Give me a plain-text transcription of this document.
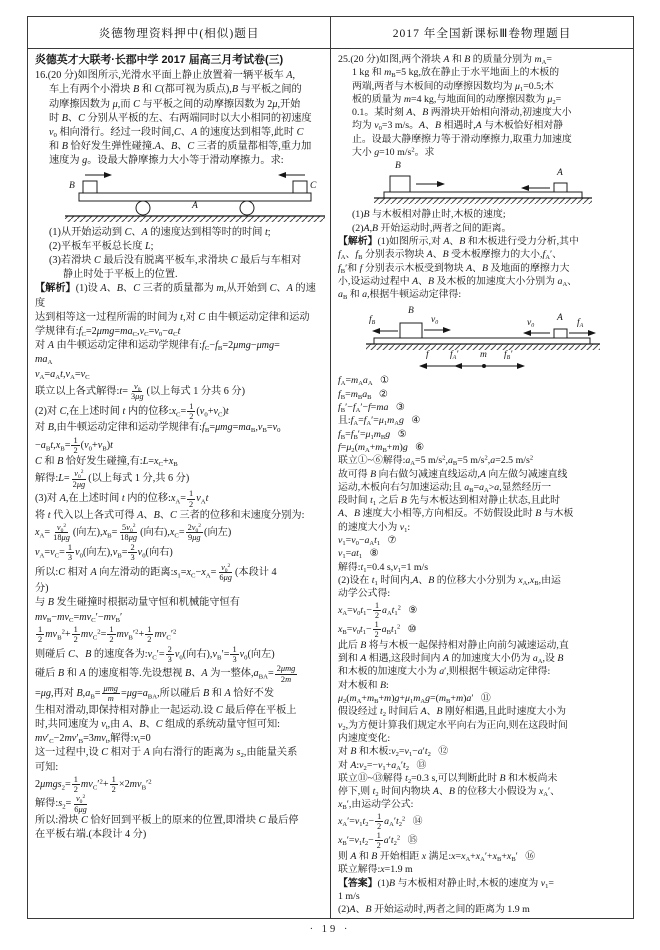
炎德物理资料押中(相似)题目	2017 年全国新课标Ⅲ卷物理题目
炎德英才大联考·长郡中学 2017 届高三月考试卷(三)
16.(20 分)如图所示,光滑水平面上静止放置着一辆平板车 A,
车上有两个小滑块 B 和 C(都可视为质点),B 与平板之间的
动摩擦因数为 μ,而 C 与平板之间的动摩擦因数为 2μ,开始
时 B、C 分别从平板的左、右两端同时以大小相同的初速度
$v_0$ 相向滑行。经过一段时间,C、A 的速度达到相等,此时 C
和 B 恰好发生弹性碰撞.A、B、C 三者的质量都相等,重力加
速度为 g。设最大静摩擦力大小等于滑动摩擦力。求:
B	C
A
(1)从开始运动到 C、A 的速度达到相等时的时间 t;
(2)平板车平板总长度 L;
(3)若滑块 C 最后没有脱离平板车,求滑块 C 最后与车相对
静止时处于平板上的位置.
【解析】(1)设 A、B、C 三者的质量都为 m,从开始到 C、A 的速度
达到相等这一过程所需的时间为 t,对 C 由牛顿运动定律和运动
学规律有$:f_C=2\mu mg=ma_C,v_C=v_0-a_Ct$
对 A 由牛顿运动定律和运动学规律有$:f_C-f_B=2\mu mg-\mu mg=$
$ma_A$
$v_A=a_At,v_A=v_C$
联立以上各式解得:t= $\frac{v_0}{3\mu g}$ (以上每式 1 分共 6 分)
(2)对 C,在上述时间 t 内的位移$:x_C= \frac{1}{2} (v_0+v_C)t$
对 B,由牛顿运动定律和运动学规律有$:f_B=\mu mg=ma_B,v_B=v_0$
$-a_Bt,x_B= \frac{1}{2} (v_0+v_B)t$
C 和 B 恰好发生碰撞,有$:L=x_C+x_B$
解得:L= $\frac{v_0^2}{2\mu g}$ (以上每式 1 分,共 6 分)
(3)对 A,在上述时间 t 内的位移$:x_A= \frac{1}{2} v_At$
将 t 代入以上各式可得 A、B、C 三者的位移和末速度分别为:
$x_A= \frac{v_0^2}{18\mu g}$ (向左)$,x_B= \frac{5v_0^2}{18\mu g}$ (向右)$,x_C= \frac{2v_0^2}{9\mu g}$ (向左)
$v_A=v_C= \frac{1}{3} v_0$(向左)$,v_B= \frac{2}{3} v_0$(向右)
所以:C 相对 A 向左滑动的距离$:s_1=x_C-x_A= \frac{v_0^2}{6\mu g}$ (本段计 4
分)
与 B 发生碰撞时根据动量守恒和机械能守恒有
$mv_B-mv_C=mv_C'-mv_B'$
$\frac{1}{2} mv_B^2+ \frac{1}{2} mv_C^2= \frac{1}{2} mv_B'^2+ \frac{1}{2} mv_C'^2$
则碰后 C、B 的速度各为$:v_C'= \frac{2}{3} v_0$(向右)$,v_B'= \frac{1}{3} v_0$(向左)
碰后 B 和 A 的速度相等.先设想视 B、A 为一整体$,a_{BA}= 2\mu mg$
2m
=μg,再对 $B,a_B= \mu mg$
$m =\mu g=a_{BA}$,所以碰后 B 和 A 恰好不发
生相对滑动,即保持相对静止一起运动.设 C 最后停在平板上
时,共同速度为 $v_t$,由 A、B、C 组成的系统动量守恒可知:
$mv'_C-2mv'_B=3mv_t$,解得$:v_t=0$
这一过程中,设 C 相对于 A 向右滑行的距离为 $s_2$,由能量关系
可知:
$2\mu mgs_2= \frac{1}{2} mv_C'^2+ \frac{1}{2} \times 2mv_B'^2$
解得$:s_2= \frac{v_0^2}{6\mu g}$
所以:滑块 C 恰好回到平板上的原来的位置,即滑块 C 最后停
在平板右端.(本段计 4 分)
25.(20 分)如图,两个滑块 A 和 B 的质量分别为 $m_A=$
1 kg 和 $m_B=5$ kg,放在静止于水平地面上的木板的
两端,两者与木板间的动摩擦因数均为 $\mu_1=0.5$;木
板的质量为 m=4 kg,与地面间的动摩擦因数为 $\mu_2=$
0.1。某时刻 A、B 两滑块开始相向滑动,初速度大小
均为 $v_0=3$ m/s。A、B 相遇时,A 与木板恰好相对静
止。设最大静摩擦力等于滑动摩擦力,取重力加速度
大小 g=10 $m/s^2$。求
B
A
(1)B 与木板相对静止时,木板的速度;
(2)A,B 开始运动时,两者之间的距离。
【解析】(1)如图所示,对 A、B 和木板进行受力分析,其中
$f_A$、$f_B$ 分别表示物块 A、B 受木板摩擦力的大小$,f_A'$、
$f_B'$和 f 分别表示木板受到物块 A、B 及地面的摩擦力大
小,设运动过程中 A、B 及木板的加速度大小分别为 $a_A$、
$a_B$ 和 a,根据牛顿运动定律得:
$f_B$
B
$v_0$	$v_0$
A $f_A$
f $f_A'$ m $f_B'$
$f_A=m_Aa_A$   ①
$f_B=m_Ba_B$   ②
$f_B'-f_A'-f=ma$   ③
且$:f_A=f_A'=\mu_1m_Ag$   ④
$f_B=f_B'=\mu_1m_Bg$   ⑤
$f=\mu_2(m_A+m_B+m)g$   ⑥
联立①~⑥解得$:a_A=5$ $m/s^2,a_B=5$ $m/s^2,a=2.5$ $m/s^2$
故可得 B 向右做匀减速直线运动,A 向左做匀减速直线
运动,木板向右匀加速运动;且 $a_B=a_A>a$,显然经历一
段时间 $t_1$ 之后 B 先与木板达到相对静止状态,且此时
A、B 速度大小相等,方向相反。不妨假设此时 B 与木板
的速度大小为 $v_1$:
$v_1=v_0-a_At_1$   ⑦
$v_1=at_1$   ⑧
解得$:t_1=0.4$ $s,v_1=1$ m/s
(2)设在 $t_1$ 时间内,A、B 的位移大小分别为 $x_A,x_B$,由运
动学公式得:
$x_A=v_0t_1- \frac{1}{2} a_At_1^2$   ⑨
$x_B=v_0t_1- \frac{1}{2} a_Bt_1^2$   ⑩
此后 B 将与木板一起保持相对静止向前匀减速运动,直
到和 A 相遇,这段时间内 A 的加速度大小仍为 $a_A$,设 B
和木板的加速度大小为 a′,则根据牛顿运动定律得:
对木板和 B:
$\mu_2(m_A+m_B+m)g+\mu_1m_Ag=(m_B+m)a'$   ⑪
假设经过 $t_2$ 时间后 A、B 刚好相遇,且此时速度大小为
$v_2$,为方便计算我们规定水平向右为正向,则在这段时间
内速度变化:
对 B 和木板$:v_2=v_1-a't_2$   ⑫
对 $A:v_2=-v_1+a_A't_2$   ⑬
联立⑪~⑬解得 $t_2=0.3$ s,可以判断此时 B 和木板尚未
停下,则 $t_2$ 时间内物块 A、B 的位移大小假设为 $x_A'$、
$x_B'$,由运动学公式:
$x_A'=v_1t_2- \frac{1}{2} a_A't_2^2$   ⑭
$x_B'=v_1t_2- \frac{1}{2} a't_2^2$   ⑮
则 A 和 B 开始相距 x 满足$:x=x_A+x_A'+x_B+x_B'$   ⑯
联立解得:x=1.9 m
【答案】(1)B 与木板相对静止时,木板的速度为 $v_1=$
1 m/s
(2)A、B 开始运动时,两者之间的距离为 1.9 m
· 19 ·
